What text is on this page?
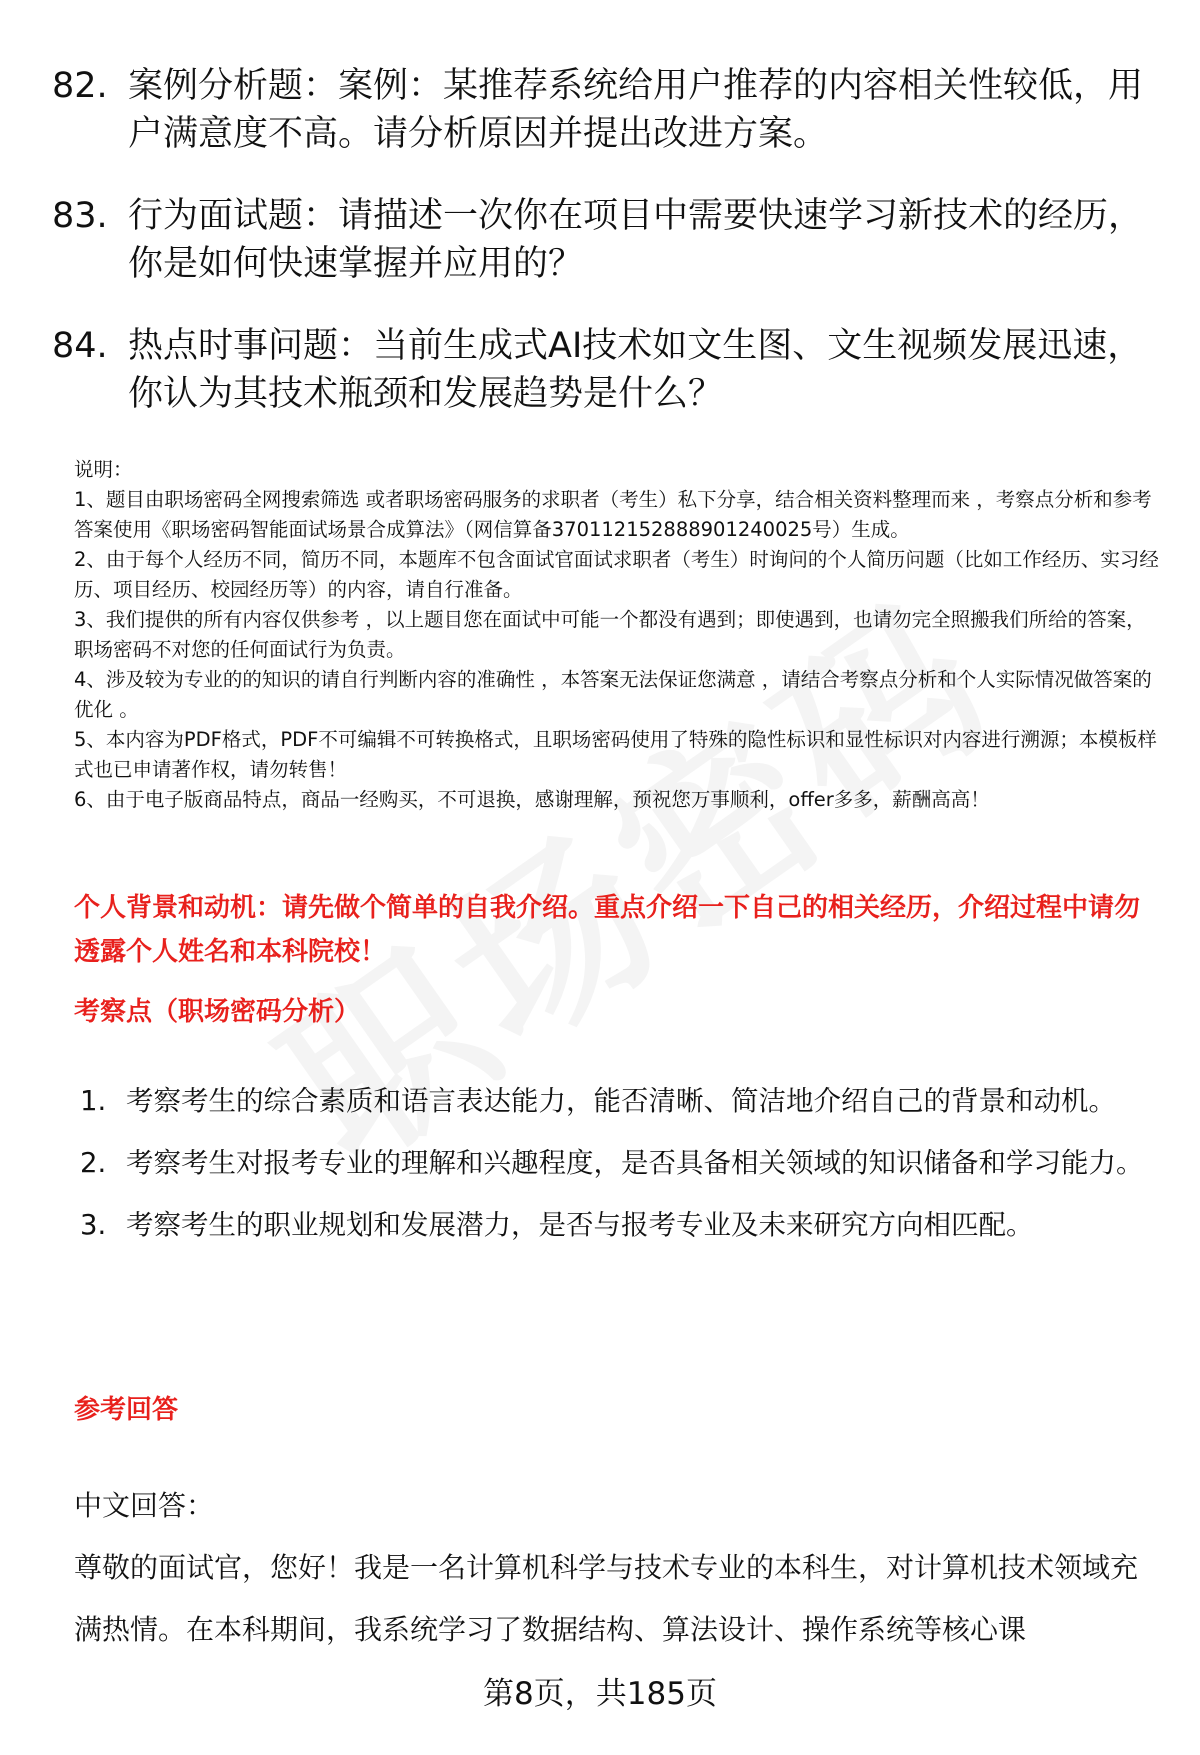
82. 案例分析题：案例：某推荐系统给用户推荐的内容相关性较低，用户满意度不高。请分析原因并提出改进方案。
83. 行为面试题：请描述一次你在项目中需要快速学习新技术的经历，你是如何快速掌握并应用的？
84. 热点时事问题：当前生成式AI技术如文生图、文生视频发展迅速，你认为其技术瓶颈和发展趋势是什么？

说明：

1、题目由职场密码全网搜索筛选 或者职场密码服务的求职者（考生）私下分享，结合相关资料整理而来 ，考察点分析和参考答案使用《职场密码智能面试场景合成算法》（网信算备370112152888901240025号）生成。

2、由于每个人经历不同，简历不同，本题库不包含面试官面试求职者（考生）时询问的个人简历问题（比如工作经历、实习经历、项目经历、校园经历等）的内容，请自行准备。

3、我们提供的所有内容仅供参考 ，以上题目您在面试中可能一个都没有遇到；即使遇到，也请勿完全照搬我们所给的答案，职场密码不对您的任何面试行为负责。

4、涉及较为专业的的知识的请自行判断内容的准确性 ，本答案无法保证您满意 ，请结合考察点分析和个人实际情况做答案的优化 。

5、本内容为PDF格式，PDF不可编辑不可转换格式，且职场密码使用了特殊的隐性标识和显性标识对内容进行溯源；本模板样式也已申请著作权，请勿转售！

6、由于电子版商品特点，商品一经购买，不可退换，感谢理解，预祝您万事顺利，offer多多，薪酬高高！

个人背景和动机：请先做个简单的自我介绍。重点介绍一下自己的相关经历，介绍过程中请勿透露个人姓名和本科院校！
考察点（职场密码分析）
1. 考察考生的综合素质和语言表达能力，能否清晰、简洁地介绍自己的背景和动机。
2. 考察考生对报考专业的理解和兴趣程度，是否具备相关领域的知识储备和学习能力。
3. 考察考生的职业规划和发展潜力，是否与报考专业及未来研究方向相匹配。
参考回答

中文回答：

尊敬的面试官，您好！我是一名计算机科学与技术专业的本科生，对计算机技术领域充满热情。在本科期间，我系统学习了数据结构、算法设计、操作系统等核心课

第8页，共185页
